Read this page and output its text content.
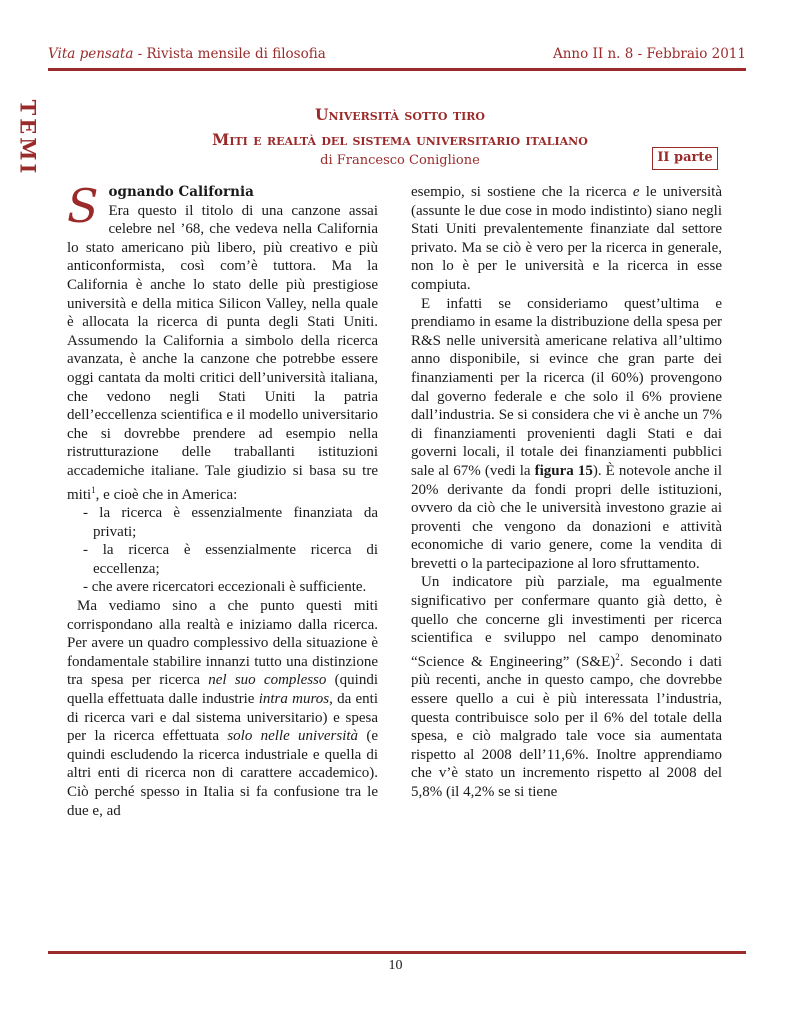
Vita pensata - Rivista mensile di filosofia	Anno II n. 8 - Febbraio 2011
TEMI	Università sotto tiro
Miti e realtà del sistema universitario italiano
di Francesco Coniglione	II parte

Sognando California
Era questo il titolo di una canzone assai celebre nel ’68, che vedeva nella California lo stato americano più libero, più creativo e più anticonformista, così com’è tuttora. Ma la California è anche lo stato delle più prestigiose università e della mitica Silicon Valley, nella quale è allocata la ricerca di punta degli Stati Uniti. Assumendo la California a simbolo della ricerca avanzata, è anche la canzone che potrebbe essere oggi cantata da molti critici dell’università italiana, che vedono negli Stati Uniti la patria dell’eccellenza scientifica e il modello universitario che si dovrebbe prendere ad esempio nella ristrutturazione delle traballanti istituzioni accademiche italiane. Tale giudizio si basa su tre miti$^1$, e cioè che in America:

- la ricerca è essenzialmente finanziata da privati;
- la ricerca è essenzialmente ricerca di eccellenza;
- che avere ricercatori eccezionali è sufficiente.

Ma vediamo sino a che punto questi miti corrispondano alla realtà e iniziamo dalla ricerca. Per avere un quadro complessivo della situazione è fondamentale stabilire innanzi tutto una distinzione tra spesa per ricerca nel suo complesso (quindi quella effettuata dalle industrie intra muros, da enti di ricerca vari e dal sistema universitario) e spesa per la ricerca effettuata solo nelle università (e quindi escludendo la ricerca industriale e quella di altri enti di ricerca non di carattere accademico). Ciò perché spesso in Italia si fa confusione tra le due e, ad

esempio, si sostiene che la ricerca e le università (assunte le due cose in modo indistinto) siano negli Stati Uniti prevalentemente finanziate dal settore privato. Ma se ciò è vero per la ricerca in generale, non lo è per le università e la ricerca in esse compiuta.

E infatti se consideriamo quest’ultima e prendiamo in esame la distribuzione della spesa per R&S nelle università americane relativa all’ultimo anno disponibile, si evince che gran parte dei finanziamenti per la ricerca (il 60%) provengono dal governo federale e che solo il 6% proviene dall’industria. Se si considera che vi è anche un 7% di finanziamenti provenienti dagli Stati e dai governi locali, il totale dei finanziamenti pubblici sale al 67% (vedi la figura 15). È notevole anche il 20% derivante da fondi propri delle istituzioni, ovvero da ciò che le università investono grazie ai proventi che vengono da donazioni e attività economiche di vario genere, come la vendita di brevetti o la partecipazione al loro sfruttamento.

Un indicatore più parziale, ma egualmente significativo per confermare quanto già detto, è quello che concerne gli investimenti per ricerca scientifica e sviluppo nel campo denominato “Science & Engineering” (S&E)$^2$. Secondo i dati più recenti, anche in questo campo, che dovrebbe essere quello a cui è più interessata l’industria, questa contribuisce solo per il 6% del totale della spesa, e ciò malgrado tale voce sia aumentata rispetto al 2008 dell’11,6%. Inoltre apprendiamo che v’è stato un incremento rispetto al 2008 del 5,8% (il 4,2% se si tiene

10
